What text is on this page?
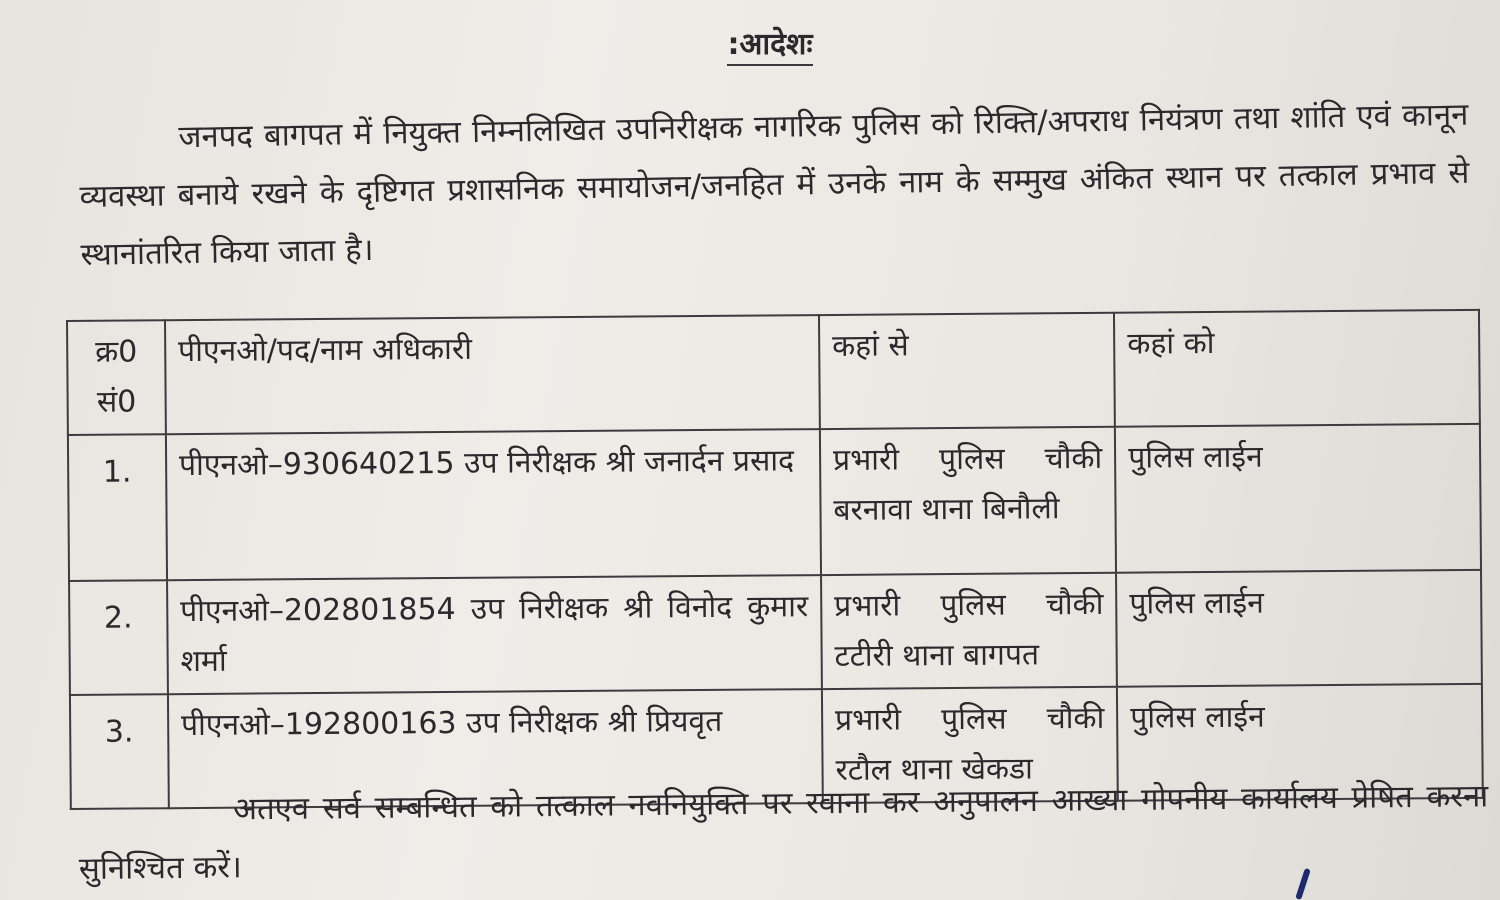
:आदेशः

जनपद बागपत में नियुक्त निम्नलिखित उपनिरीक्षक नागरिक पुलिस को रिक्ति/अपराध नियंत्रण तथा शांति एवं कानून व्यवस्था बनाये रखने के दृष्टिगत प्रशासनिक समायोजन/जनहित में उनके नाम के सम्मुख अंकित स्थान पर तत्काल प्रभाव से स्थानांतरित किया जाता है।

क्र0 सं0	पीएनओ/पद/नाम अधिकारी	कहां से	कहां को

1.	पीएनओ–930640215 उप निरीक्षक श्री जनार्दन प्रसाद	प्रभारी पुलिस चौकी बरनावा थाना बिनौली	पुलिस लाईन

2.	पीएनओ–202801854 उप निरीक्षक श्री विनोद कुमार शर्मा	प्रभारी पुलिस चौकी टटीरी थाना बागपत	पुलिस लाईन

3.	पीएनओ–192800163 उप निरीक्षक श्री प्रियवृत	प्रभारी पुलिस चौकी रटौल थाना खेकडा	पुलिस लाईन

अतएव सर्व सम्बन्धित को तत्काल नवनियुक्ति पर रवाना कर अनुपालन आख्या गोपनीय कार्यालय प्रेषित करना सुनिश्चित करें।
